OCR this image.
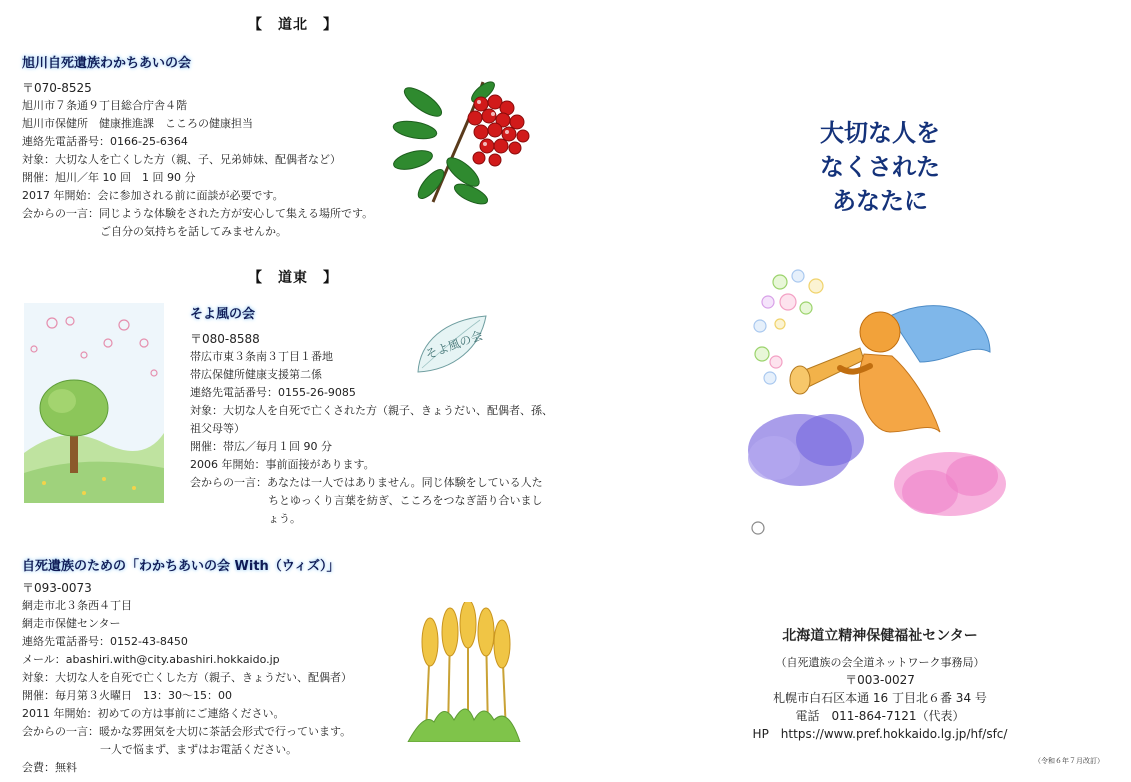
【　道北　】
旭川自死遺族わかちあいの会
〒070-8525
旭川市７条通９丁目総合庁舎４階
旭川市保健所　健康推進課　こころの健康担当
連絡先電話番号：0166-25-6364
対象：大切な人を亡くした方（親、子、兄弟姉妹、配偶者など）
開催：旭川／年 10 回　1 回 90 分
2017 年開始：会に参加される前に面談が必要です。
会からの一言：同じような体験をされた方が安心して集える場所です。
ご自分の気持ちを話してみませんか。
【　道東　】
そよ風の会
〒080-8588
帯広市東３条南３丁目１番地
帯広保健所健康支援第二係
連絡先電話番号：0155-26-9085
対象：大切な人を自死で亡くされた方（親子、きょうだい、配偶者、孫、
祖父母等）
開催：帯広／毎月１回 90 分
2006 年開始：事前面接があります。
会からの一言：あなたは一人ではありません。同じ体験をしている人た
ちとゆっくり言葉を紡ぎ、こころをつなぎ語り合いまし
ょう。
そよ風の会
自死遺族のための「わかちあいの会 With（ウィズ）」
〒093-0073
網走市北３条西４丁目
網走市保健センター
連絡先電話番号：0152-43-8450
メール：abashiri.with@city.abashiri.hokkaido.jp
対象：大切な人を自死で亡くした方（親子、きょうだい、配偶者）
開催：毎月第３火曜日　13：30～15：00
2011 年開始：初めての方は事前にご連絡ください。
会からの一言：暖かな雰囲気を大切に茶話会形式で行っています。
一人で悩まず、まずはお電話ください。
会費：無料
大切な人を
なくされた
あなたに
北海道立精神保健福祉センター
（自死遺族の会全道ネットワーク事務局）
〒003-0027
札幌市白石区本通 16 丁目北６番 34 号
電話　011-864-7121（代表）
HP　https://www.pref.hokkaido.lg.jp/hf/sfc/
（令和６年７月改訂）
